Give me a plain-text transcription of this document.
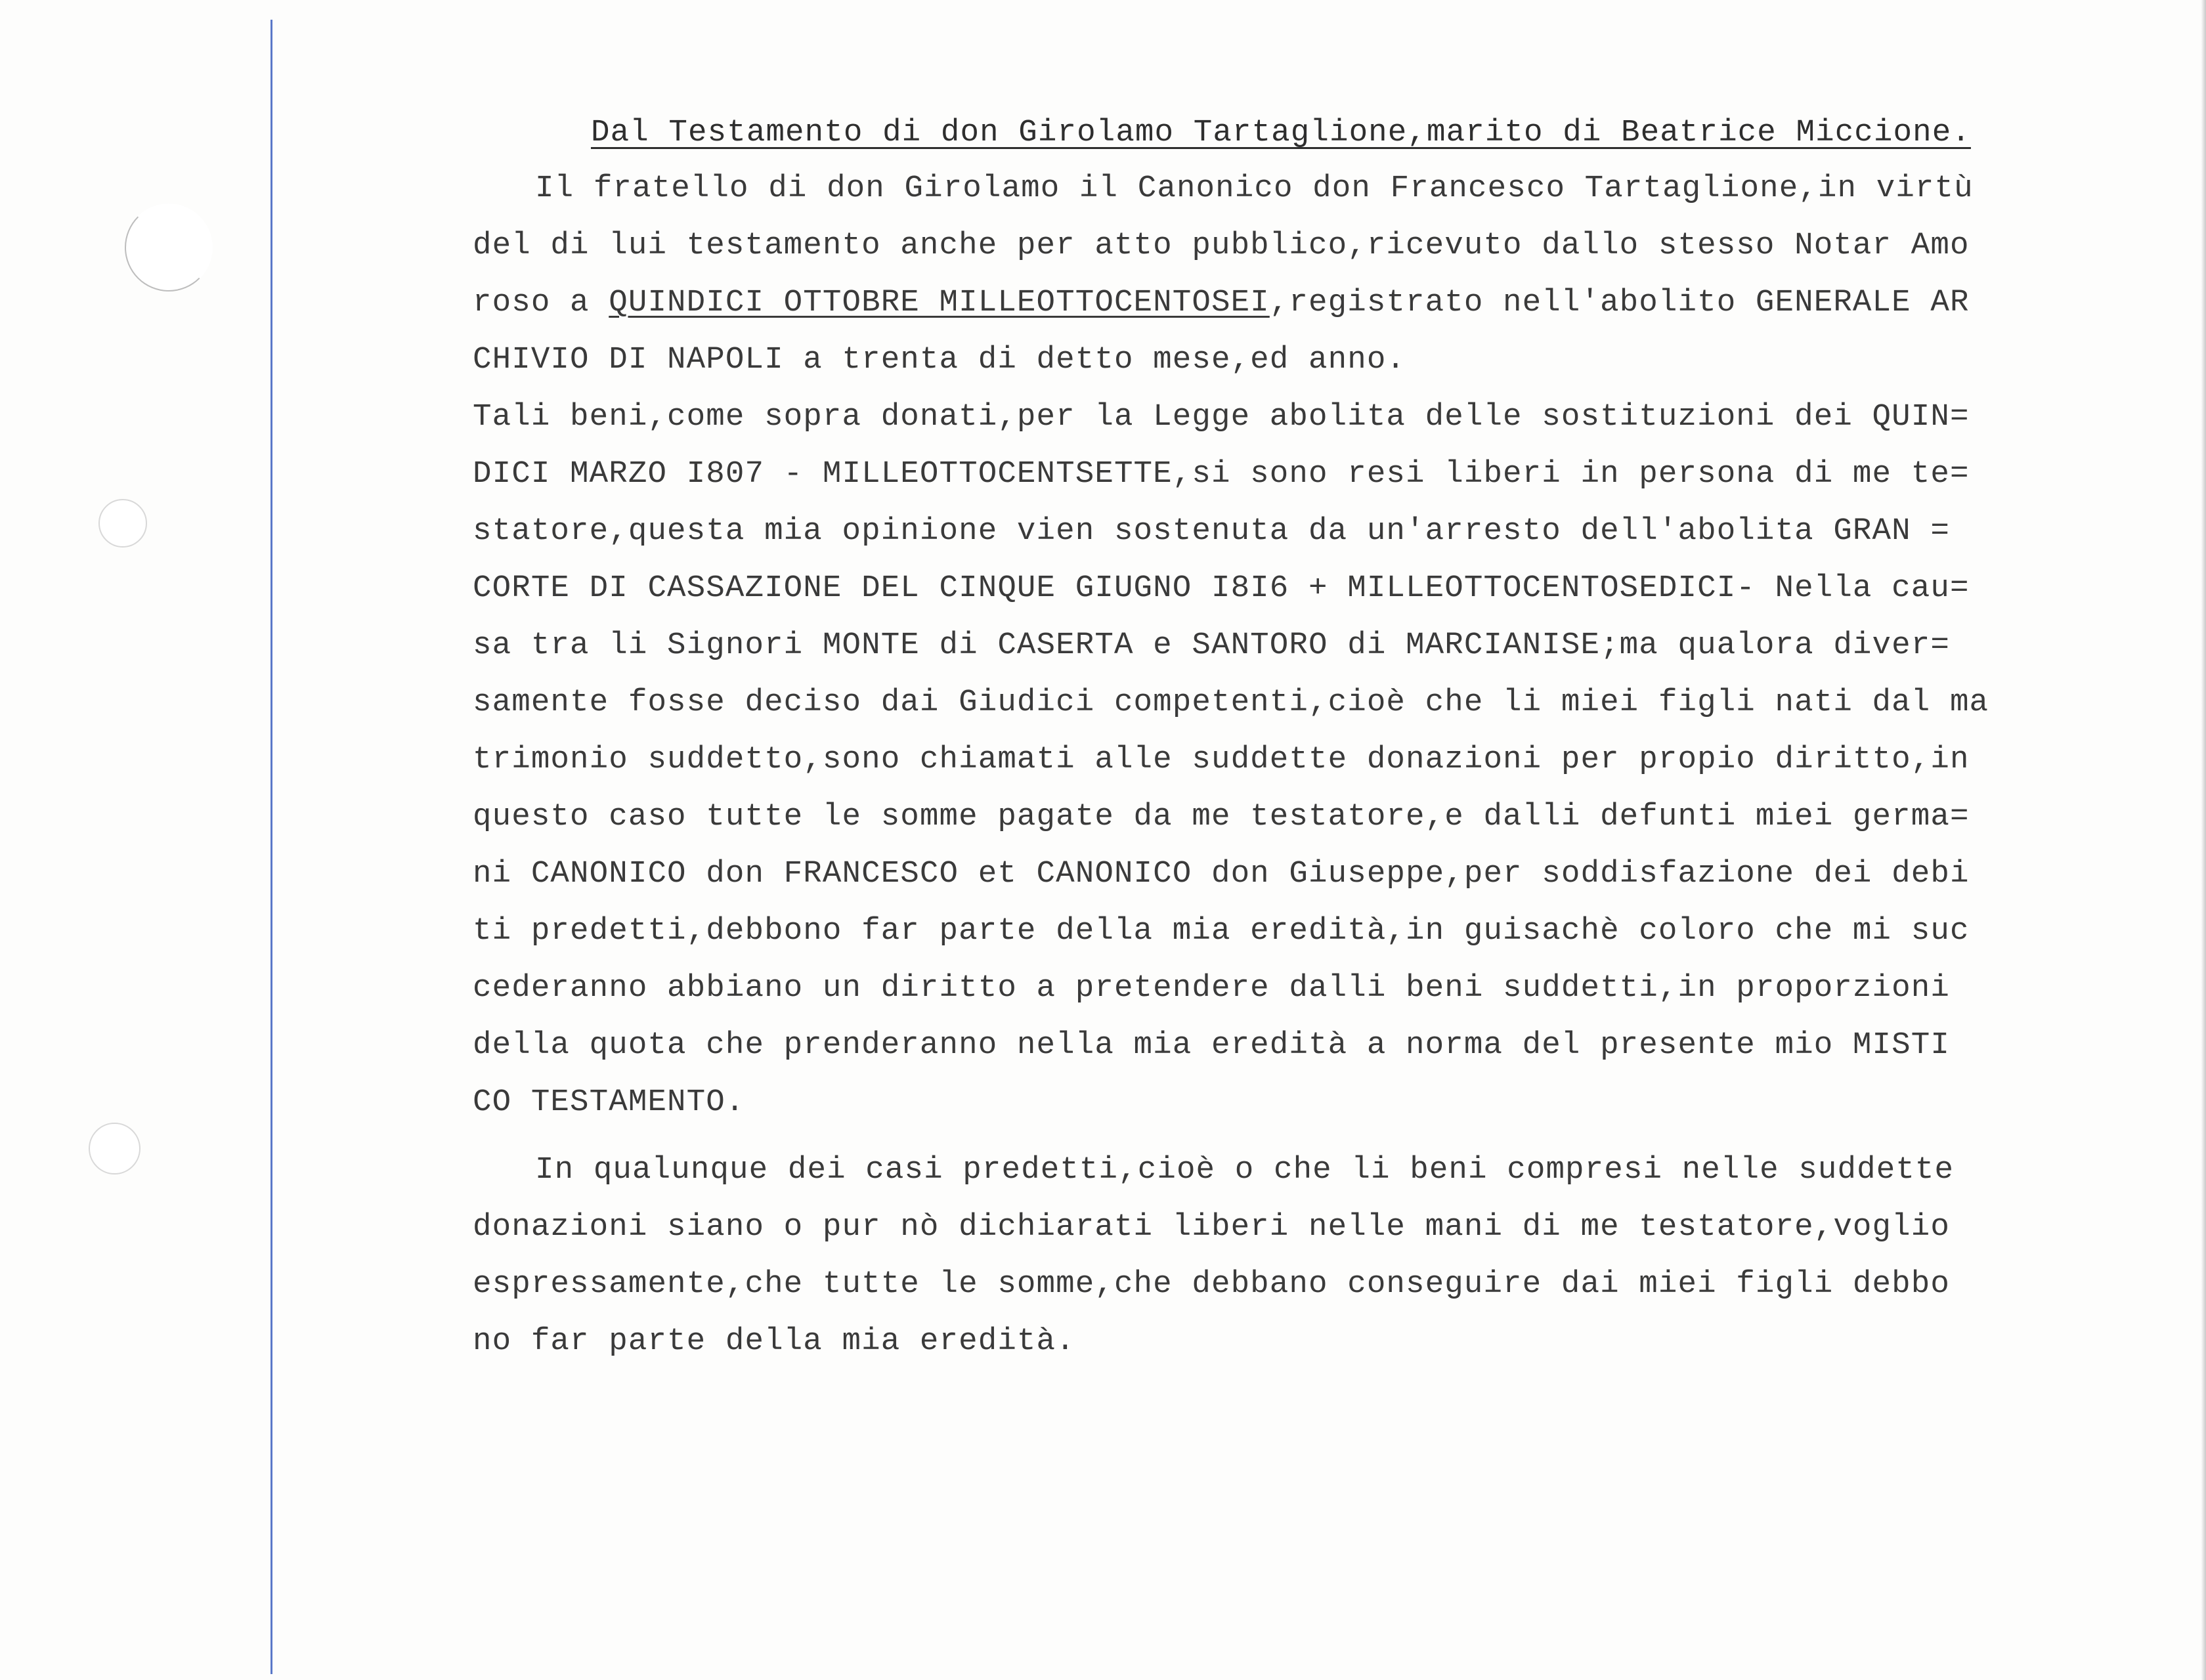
Dal Testamento di don Girolamo Tartaglione,marito di Beatrice Miccione.
Il fratello di don Girolamo il Canonico don Francesco Tartaglione,in virtù
del di lui testamento anche per atto pubblico,ricevuto dallo stesso Notar Amo
roso a QUINDICI OTTOBRE MILLEOTTOCENTOSEI,registrato nell'abolito GENERALE AR
CHIVIO DI NAPOLI a trenta di detto mese,ed anno.
Tali beni,come sopra donati,per la Legge abolita delle sostituzioni dei QUIN=
DICI MARZO I807 - MILLEOTTOCENTSETTE,si sono resi liberi in persona di me te=
statore,questa mia opinione vien sostenuta da un'arresto dell'abolita GRAN =
CORTE DI CASSAZIONE DEL CINQUE GIUGNO I8I6 + MILLEOTTOCENTOSEDICI- Nella cau=
sa tra li Signori MONTE di CASERTA e SANTORO di MARCIANISE;ma qualora diver=
samente fosse deciso dai Giudici competenti,cioè che li miei figli nati dal ma
trimonio suddetto,sono chiamati alle suddette donazioni per propio diritto,in
questo caso tutte le somme pagate da me testatore,e dalli defunti miei germa=
ni CANONICO don FRANCESCO et CANONICO don Giuseppe,per soddisfazione dei debi
ti predetti,debbono far parte della mia eredità,in guisachè coloro che mi suc
cederanno abbiano un diritto a pretendere dalli beni suddetti,in proporzioni
della quota che prenderanno nella mia eredità a norma del presente mio MISTI
CO TESTAMENTO.
In qualunque dei casi predetti,cioè o che li beni compresi nelle suddette
donazioni siano o pur nò dichiarati liberi nelle mani di me testatore,voglio
espressamente,che tutte le somme,che debbano conseguire dai miei figli debbo
no far parte della mia eredità.
